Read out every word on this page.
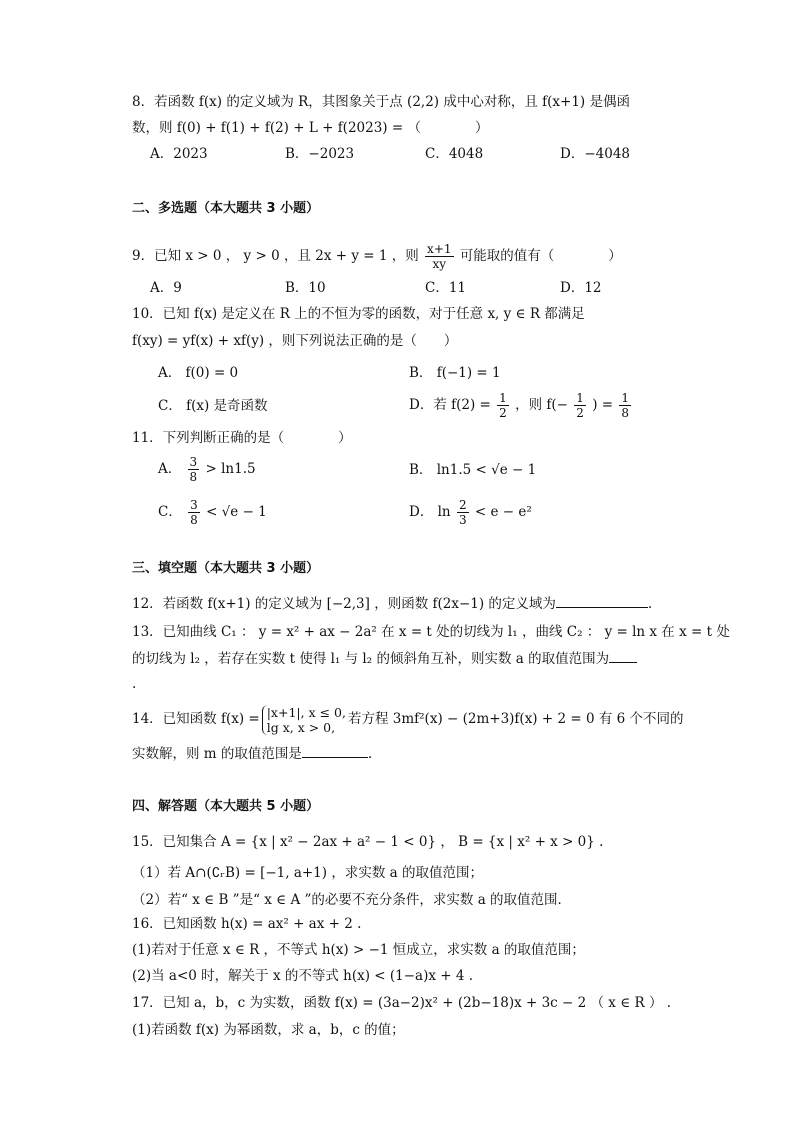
8．若函数 f(x) 的定义域为 R，其图象关于点 (2,2) 成中心对称，且 f(x+1) 是偶函
数，则 f(0) + f(1) + f(2) + L + f(2023) = （　　　　）
A．2023	B．−2023	C．4048	D．−4048
二、多选题（本大题共 3 小题）
9．已知 x > 0 ， y > 0 ，且 2x + y = 1 ，则 $\frac{x+1}{xy}$ 可能取的值有（　　　　）
A．9	B．10	C．11	D．12
10．已知 f(x) 是定义在 R 上的不恒为零的函数，对于任意 x, y ∈ R 都满足
f(xy) = yf(x) + xf(y) ，则下列说法正确的是（　　）
A． f(0) = 0	B． f(−1) = 1
C． f(x) 是奇函数	D．若 $f(2) = \frac{1}{2}$ ，则 $f(- \frac{1}{2}$ ) = $\frac{1}{8}$
11．下列判断正确的是（　　　　）
A． $\frac{3}{8} > \ln 1.5$	B． ln1.5 < √e − 1
C． $\frac{3}{8} < √e - 1$	D． $\ln \frac{2}{3} < e - e^2$
三、填空题（本大题共 3 小题）
12．若函数 f(x+1) 的定义域为 [−2,3] ，则函数 f(2x−1) 的定义域为	.
13．已知曲线 C₁ ： y = x² + ax − 2a² 在 x = t 处的切线为 l₁ ，曲线 C₂ ： y = ln x 在 x = t 处
的切线为 l₂ ，若存在实数 t 使得 l₁ 与 l₂ 的倾斜角互补，则实数 a 的取值范围为
.
14．已知函数 f(x) = |x+1|, x ≤ 0,
lg x, x > 0, 若方程 3mf²(x) − (2m+3)f(x) + 2 = 0 有 6 个不同的
实数解，则 m 的取值范围是	.
四、解答题（本大题共 5 小题）
15．已知集合 A = {x | x² − 2ax + a² − 1 < 0} ， B = {x | x² + x > 0} .
（1）若 A∩(∁ᵣB) = [−1, a+1) ，求实数 a 的取值范围；
（2）若“ x ∈ B ”是“ x ∈ A ”的必要不充分条件，求实数 a 的取值范围．
16．已知函数 h(x) = ax² + ax + 2 .
(1)若对于任意 x ∈ R ，不等式 h(x) > −1 恒成立，求实数 a 的取值范围；
(2)当 a<0 时，解关于 x 的不等式 h(x) < (1−a)x + 4 .
17．已知 a，b，c 为实数，函数 f(x) = (3a−2)x² + (2b−18)x + 3c − 2 （ x ∈ R ） .
(1)若函数 f(x) 为幂函数，求 a，b，c 的值；
